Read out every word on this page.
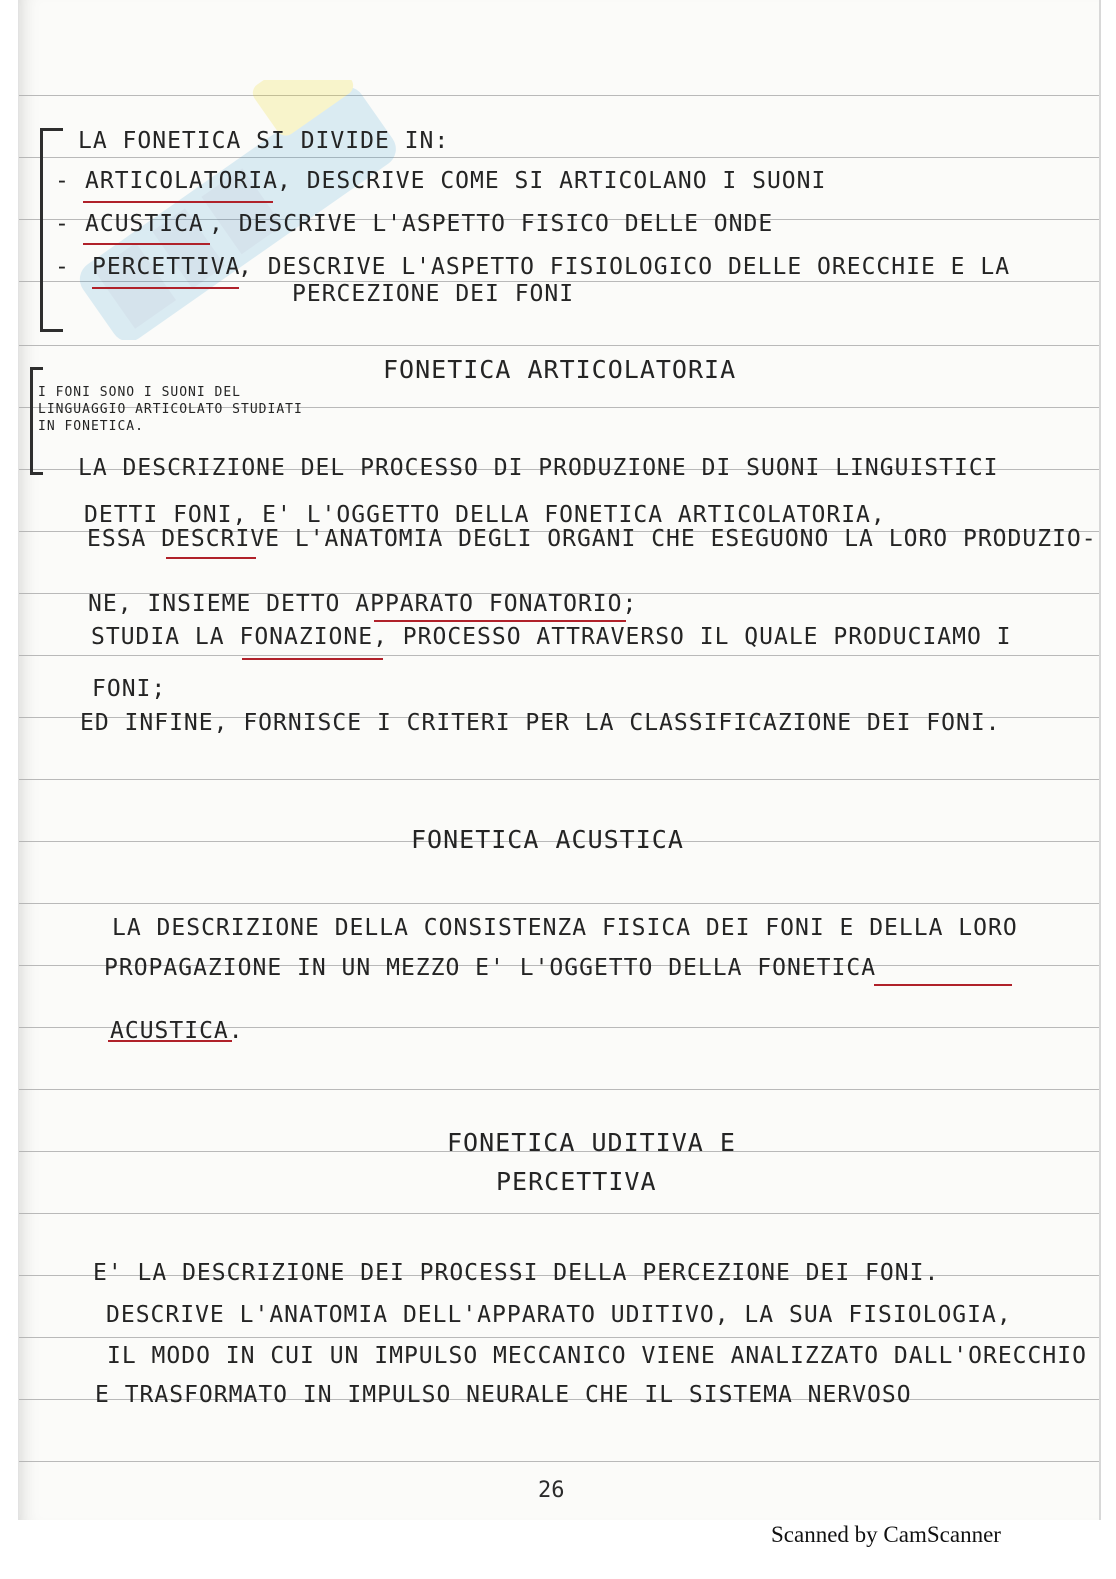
LA FONETICA SI DIVIDE IN:
- ARTICOLATORIA
, DESCRIVE COME SI ARTICOLANO I SUONI
- ACUSTICA , DESCRIVE L'ASPETTO FISICO DELLE ONDE
- PERCETTIVA
, DESCRIVE L'ASPETTO FISIOLOGICO DELLE ORECCHIE E LA
PERCEZIONE DEI FONI
I FONI SONO I SUONI DEL
LINGUAGGIO ARTICOLATO STUDIATI
IN FONETICA.
FONETICA ARTICOLATORIA
LA DESCRIZIONE DEL PROCESSO DI PRODUZIONE DI SUONI LINGUISTICI
DETTI FONI, E' L'OGGETTO DELLA FONETICA ARTICOLATORIA,
ESSA DESCRIVE L'ANATOMIA DEGLI ORGANI CHE ESEGUONO LA LORO PRODUZIO-
NE, INSIEME DETTO APPARATO FONATORIO;
STUDIA LA FONAZIONE, PROCESSO ATTRAVERSO IL QUALE PRODUCIAMO I
FONI;
ED INFINE, FORNISCE I CRITERI PER LA CLASSIFICAZIONE DEI FONI.
FONETICA ACUSTICA
LA DESCRIZIONE DELLA CONSISTENZA FISICA DEI FONI E DELLA LORO
PROPAGAZIONE IN UN MEZZO E' L'OGGETTO DELLA FONETICA
ACUSTICA.
FONETICA UDITIVA E
PERCETTIVA
E' LA DESCRIZIONE DEI PROCESSI DELLA PERCEZIONE DEI FONI.
DESCRIVE L'ANATOMIA DELL'APPARATO UDITIVO, LA SUA FISIOLOGIA,
IL MODO IN CUI UN IMPULSO MECCANICO VIENE ANALIZZATO DALL'ORECCHIO
E TRASFORMATO IN IMPULSO NEURALE CHE IL SISTEMA NERVOSO
26
Scanned by CamScanner
